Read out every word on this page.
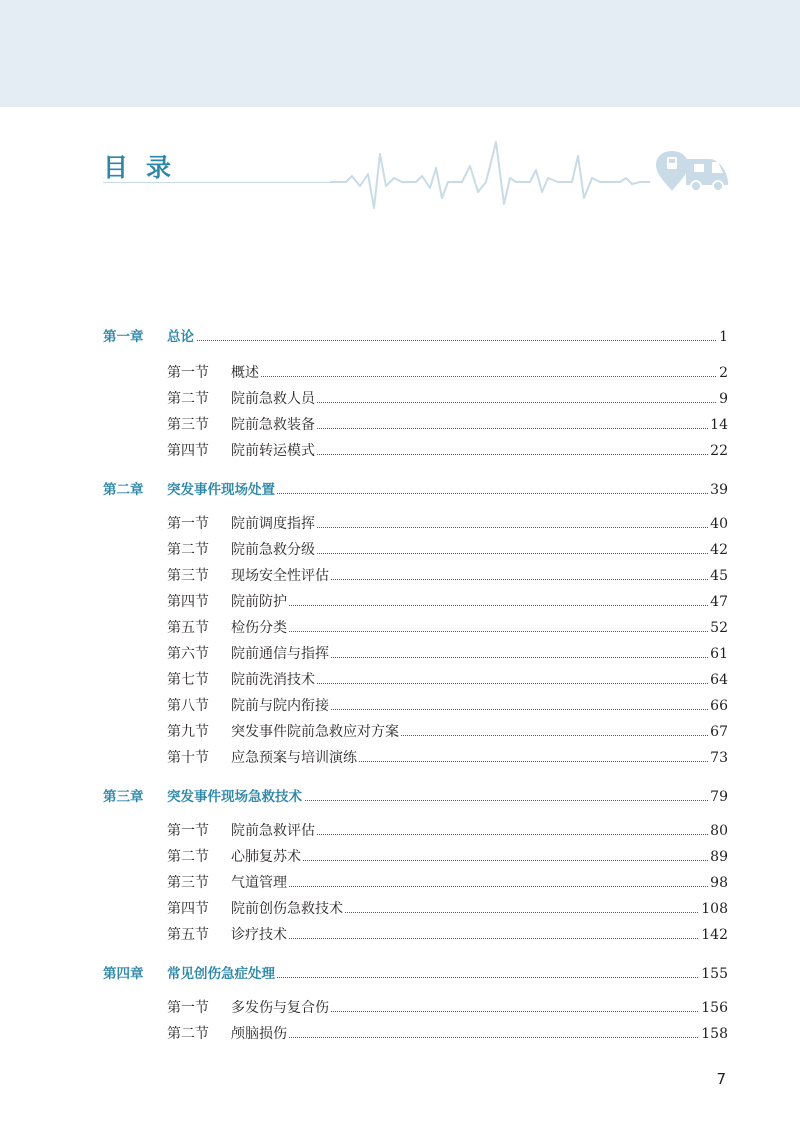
目录
第一章 总论	1
第一节 概述	2
第二节 院前急救人员	9
第三节 院前急救装备	14
第四节 院前转运模式	22
第二章 突发事件现场处置	39
第一节 院前调度指挥	40
第二节 院前急救分级	42
第三节 现场安全性评估	45
第四节 院前防护	47
第五节 检伤分类	52
第六节 院前通信与指挥	61
第七节 院前洗消技术	64
第八节 院前与院内衔接	66
第九节 突发事件院前急救应对方案	67
第十节 应急预案与培训演练	73
第三章 突发事件现场急救技术	79
第一节 院前急救评估	80
第二节 心肺复苏术	89
第三节 气道管理	98
第四节 院前创伤急救技术	108
第五节 诊疗技术	142
第四章 常见创伤急症处理	155
第一节 多发伤与复合伤	156
第二节 颅脑损伤	158
7
